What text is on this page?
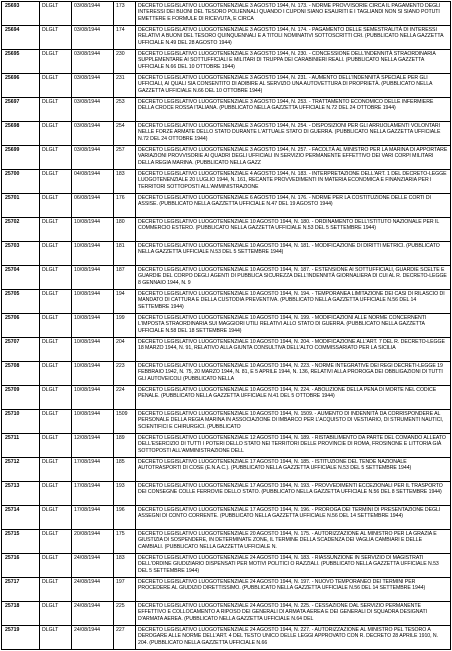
25693	DLGLT	03/08/1944	173	DECRETO LEGISLATIVO LUOGOTENENZIALE 3 AGOSTO 1944, N. 173. - NORME PROVVISORIE CIRCA IL PAGAMENTO DEGLI INTERESSI DEI BUONI DEL TESORO POLIENNALI QUANDO I CUPONI SIANO ESAURITI E I TAGLIANDI NON SI SIANO POTUTI EMETTERE E FORMULE DI RICEVUTA, E CIRCA
25694	DLGLT	03/08/1944	174	DECRETO LEGISLATIVO LUOGOTENENZIALE 3 AGOSTO 1944, N. 174. - PAGAMENTO DELLE SEMESTRALITÀ DI INTERESSI RELATIVI A BUONI DEL TESORO QUINQUENNALI E A TITOLI NOMINATIVI SOTTOSCRITTI CRI. (PUBBLICATO NELLA GAZZETTA UFFICIALE N.49 DEL 28 AGOSTO 1944)
25695	DLGLT	03/08/1944	230	DECRETO LEGISLATIVO LUOGOTENENZIALE 3 AGOSTO 1944, N. 230. - CONCESSIONE DELL'INDENNITÀ STRAORDINARIA SUPPLEMENTARE AI SOTTUFFICIALI E MILITARI DI TRUPPA DEI CARABINIERI REALI. (PUBBLICATO NELLA GAZZETTA UFFICIALE N.66 DEL 10 OTTOBRE 1944)
25696	DLGLT	03/08/1944	231	DECRETO LEGISLATIVO LUOGOTENENZIALE 3 AGOSTO 1944, N. 231. - AUMENTO DELL'INDENNITÀ SPECIALE PER GLI UFFICIALI, AI QUALI SIA CONSENTITO DI ADIBIRE AL SERVIZIO UNA AUTOVETTURA DI PROPRIETÀ. (PUBBLICATO NELLA GAZZETTA UFFICIALE N.66 DEL 10 OTTOBRE 1944)
25697	DLGLT	03/08/1944	253	DECRETO LEGISLATIVO LUOGOTENENZIALE 3 AGOSTO 1944, N. 253. - TRATTAMENTO ECONOMICO DELLE INFERMIERE DELLA CROCE ROSSA ITALIANA. (PUBBLICATO NELLA GAZZETTA UFFICIALE N.72 DEL 24 OTTOBRE 1944)
25698	DLGLT	03/08/1944	254	DECRETO LEGISLATIVO LUOGOTENENZIALE 3 AGOSTO 1944, N. 254. - DISPOSIZIONI PER GLI ARRUOLAMENTI VOLONTARI NELLE FORZE ARMATE DELLO STATO DURANTE L'ATTUALE STATO DI GUERRA. (PUBBLICATO NELLA GAZZETTA UFFICIALE N.72 DEL 24 OTTOBRE 1944)
25699	DLGLT	03/08/1944	257	DECRETO LEGISLATIVO LUOGOTENENZIALE 3 AGOSTO 1944, N. 257. - FACOLTÀ AL MINISTRO PER LA MARINA DI APPORTARE VARIAZIONI PROVVISORIE AI QUADRI DEGLI UFFICIALI IN SERVIZIO PERMANENTE EFFETTIVO DEI VARI CORPI MILITARI DELLA REGIA MARINA. (PUBBLICATO NELLA GAZZ
25700	DLGLT	04/08/1944	183	DECRETO LEGISLATIVO LUOGOTENENZIALE 4 AGOSTO 1944, N. 183. - INTERPRETAZIONE DELL'ART. 1 DEL DECRETO-LEGGE LUOGOTENENZIALE 20 LUGLIO 1944, N. 161, RECANTE PROVVEDIMENTI IN MATERIA ECONOMICA E FINANZIARIA PER I TERRITORI SOTTOPOSTI ALL'AMMINISTRAZIONE
25701	DLGLT	06/08/1944	176	DECRETO LEGISLATIVO LUOGOTENENZIALE 6 AGOSTO 1944, N. 176. - NORME PER LA COSTITUZIONE DELLE CORTI DI ASSISE. (PUBBLICATO NELLA GAZZETTA UFFICIALE N.47 DEL 19 AGOSTO 1944)
25702	DLGLT	10/08/1944	180	DECRETO LEGISLATIVO LUOGOTENENZIALE 10 AGOSTO 1944, N. 180. - ORDINAMENTO DELL'ISTITUTO NAZIONALE PER IL COMMERCIO ESTERO. (PUBBLICATO NELLA GAZZETTA UFFICIALE N.53 DEL 5 SETTEMBRE 1944)
25703	DLGLT	10/08/1944	181	DECRETO LEGISLATIVO LUOGOTENENZIALE 10 AGOSTO 1944, N. 181. - MODIFICAZIONE DI DIRITTI METRICI. (PUBBLICATO NELLA GAZZETTA UFFICIALE N.53 DEL 5 SETTEMBRE 1944)
25704	DLGLT	10/08/1944	187	DECRETO LEGISLATIVO LUOGOTENENZIALE 10 AGOSTO 1944, N. 187. - ESTENSIONE AI SOTTUFFICIALI, GUARDIE SCELTE E GUARDIE DEL CORPO DEGLI AGENTI DI PUBBLICA SICUREZZA DELL'INDENNITÀ GIORNALIERA DI CUI AL R. DECRETO-LEGGE 8 GENNAIO 1944, N. 9
25705	DLGLT	10/08/1944	194	DECRETO LEGISLATIVO LUOGOTENENZIALE 10 AGOSTO 1944, N. 194. - TEMPORANEA LIMITAZIONE DEI CASI DI RILASCIO DI MANDATO DI CATTURA E DELLA CUSTODIA PREVENTIVA. (PUBBLICATO NELLA GAZZETTA UFFICIALE N.56 DEL 14 SETTEMBRE 1944)
25706	DLGLT	10/08/1944	199	DECRETO LEGISLATIVO LUOGOTENENZIALE 10 AGOSTO 1944, N. 199. - MODIFICAZIONI ALLE NORME CONCERNENTI L'IMPOSTA STRAORDINARIA SUI MAGGIORI UTILI RELATIVI ALLO STATO DI GUERRA. (PUBBLICATO NELLA GAZZETTA UFFICIALE N.58 DEL 18 SETTEMBRE 1944)
25707	DLGLT	10/08/1944	204	DECRETO LEGISLATIVO LUOGOTENENZIALE 10 AGOSTO 1944, N. 204. - MODIFICAZIONE ALL'ART. 7 DEL R. DECRETO-LEGGE 18 MARZO 1944, N. 91, RELATIVO ALLA GIUNTA CONSULTIVA DELL'ALTO COMMISSARIATO PER LA SICILIA
25708	DLGLT	10/08/1944	223	DECRETO LEGISLATIVO LUOGOTENENZIALE 10 AGOSTO 1944, N. 223. - NORME INTEGRATIVE DEI REGI DECRETI-LEGGE 19 FEBBRAIO 1942, N. 75, 20 MARZO 1944, N. 81, E 5 APRILE 1944, N. 136, RELATIVI ALLA PROROGA DEI OBBLIGAZIONI DI TUTTI GLI AUTOVEICOLI (PUBBLICATO NELLA
25709	DLGLT	10/08/1944	224	DECRETO LEGISLATIVO LUOGOTENENZIALE 10 AGOSTO 1944, N. 224. - ABOLIZIONE DELLA PENA DI MORTE NEL CODICE PENALE. (PUBBLICATO NELLA GAZZETTA UFFICIALE N.41 DEL 5 OTTOBRE 1944)
25710	DLGLT	10/08/1944	1509	DECRETO LEGISLATIVO LUOGOTENENZIALE 10 AGOSTO 1944, N. 1509. - AUMENTO DI INDENNITÀ DA CORRISPONDERE AL PERSONALE DELLA REGIA MARINA IN ASSOCIAZIONE DI IMBARCO PER L'ACQUISTO DI VESTIARIO, DI STRUMENTI NAUTICI, SCIENTIFICI E CHIRURGICI. (PUBBLICATO
25711	DLGLT	12/08/1944	189	DECRETO LEGISLATIVO LUOGOTENENZIALE 12 AGOSTO 1944, N. 189. - RISTABILIMENTO DA PARTE DEL COMANDO ALLEATO DELL'ESERCIZIO DI TUTTI I POTERI DELLO STATO NEI TERRITORI DELLE PROVINCIE DI ROMA, FROSINONE E LITTORIA GIÀ SOTTOPOSTI ALL'AMMINISTRAZIONE DELL
25712	DLGLT	17/08/1944	185	DECRETO LEGISLATIVO LUOGOTENENZIALE 17 AGOSTO 1944, N. 185. - ISTITUZIONE DEL TENDE NAZIONALE AUTOTRASPORTI DI COSE (E.N.A.C.). (PUBBLICATO NELLA GAZZETTA UFFICIALE N.53 DEL 5 SETTEMBRE 1944)
25713	DLGLT	17/08/1944	193	DECRETO LEGISLATIVO LUOGOTENENZIALE 17 AGOSTO 1944, N. 193. - PROVVEDIMENTI ECCEZIONALI PER IL TRASPORTO DEI CONSEGNE COLLE FERROVIE DELLO STATO. (PUBBLICATO NELLA GAZZETTA UFFICIALE N.56 DEL 8 SETTEMBRE 1944)
25714	DLGLT	17/08/1944	196	DECRETO LEGISLATIVO LUOGOTENENZIALE 17 AGOSTO 1944, N. 196. - PROROGA DEI TERMINI DI PRESENTAZIONE DEGLI ASSEGNI DI CONTO CORRENTE. (PUBBLICATO NELLA GAZZETTA UFFICIALE N.56 DEL 14 SETTEMBRE 1944)
25715	DLGLT	20/08/1944	175	DECRETO LEGISLATIVO LUOGOTENENZIALE 20 AGOSTO 1944, N. 175. - AUTORIZZAZIONE AL MINISTRO PER LA GRAZIA E GIUSTIZIA DI SOSPENDERE, IN DETERMINATE ZONE, IL TERMINE DELLA SCADENZA DEI VAGLIA CAMBIARI E DELLE CAMBIALI. (PUBBLICATO NELLA GAZZETTA UFFICIALE N.
25716	DLGLT	24/08/1944	183	DECRETO LEGISLATIVO LUOGOTENENZIALE 24 AGOSTO 1944, N. 183. - RIASSUNZIONE IN SERVIZIO DI MAGISTRATI DELL'ORDINE GIUDIZIARIO DISPENSATI PER MOTIVI POLITICI O RAZZIALI. (PUBBLICATO NELLA GAZZETTA UFFICIALE N.53 DEL 5 SETTEMBRE 1944)
25717	DLGLT	24/08/1944	197	DECRETO LEGISLATIVO LUOGOTENENZIALE 24 AGOSTO 1944, N. 197. - NUOVO TEMPORANEO DEI TERMINI PER PROCEDERE AL GIUDIZIO DIRETTISSIMO. (PUBBLICATO NELLA GAZZETTA UFFICIALE N.56 DEL 14 SETTEMBRE 1944)
25718	DLGLT	24/08/1944	225	DECRETO LEGISLATIVO LUOGOTENENZIALE 24 AGOSTO 1944, N. 225. - CESSAZIONE DAL SERVIZIO PERMANENTE EFFETTIVO E COLLOCAMENTO A RIPOSO DEI GENERALI DI ARMATA AEREA E DEI GENERALI DI SQUADRA DESIGNATI D'ARMATA AEREA. (PUBBLICATO NELLA GAZZETTA UFFICIALE N.64 DEL
25719	DLGLT	24/08/1944	227	DECRETO LEGISLATIVO LUOGOTENENZIALE 24 AGOSTO 1944, N. 227. - AUTORIZZAZIONE AL MINISTRO PEL TESORO A DEROGARE ALLE NORME DELL'ART. 4 DEL TESTO UNICO DELLE LEGGI APPROVATO CON R. DECRETO 28 APRILE 1910, N. 204. (PUBBLICATO NELLA GAZZETTA UFFICIALE N.66
